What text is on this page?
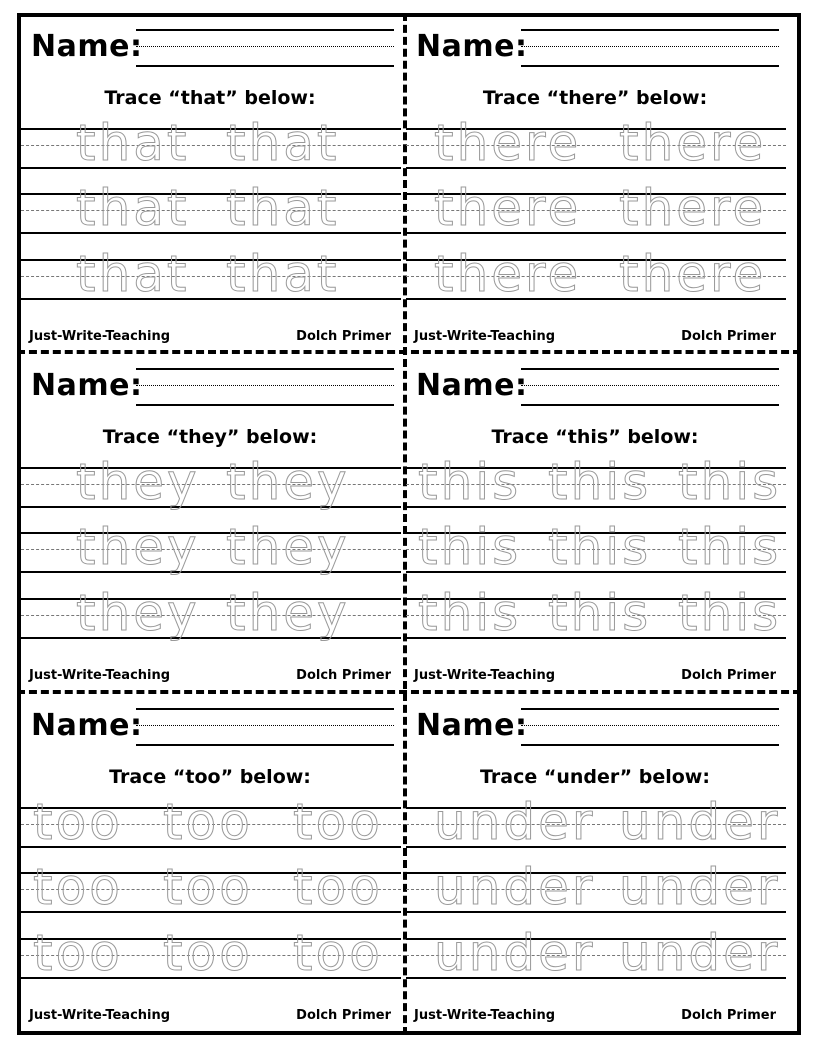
Name:
Trace “that” below:
that that
that that
that that
Just-Write-Teaching	Dolch Primer
Name:
Trace “there” below:
there there
there there
there there
Just-Write-Teaching	Dolch Primer
Name:
Trace “they” below:
they they
they they
they they
Just-Write-Teaching	Dolch Primer
Name:
Trace “this” below:
this this this
this this this
this this this
Just-Write-Teaching	Dolch Primer
Name:
Trace “too” below:
too too too
too too too
too too too
Just-Write-Teaching	Dolch Primer
Name:
Trace “under” below:
under under
under under
under under
Just-Write-Teaching	Dolch Primer
